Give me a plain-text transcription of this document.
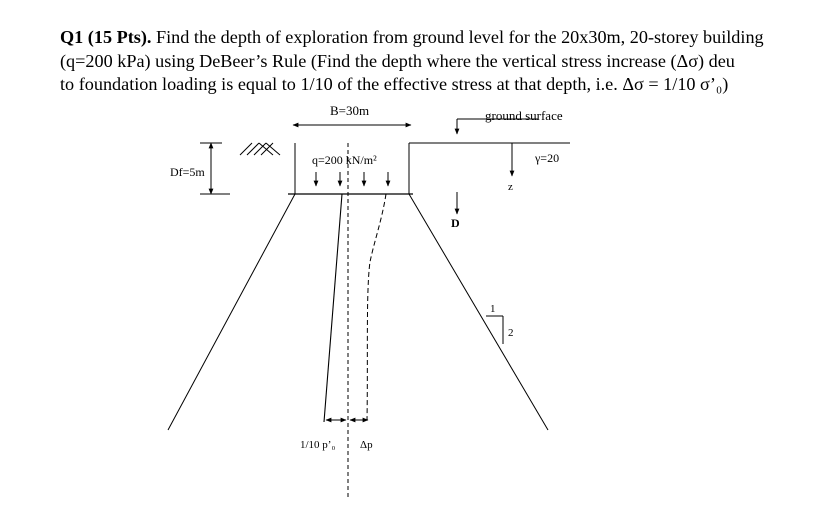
Q1 (15 Pts). Find the depth of exploration from ground level for the 20x30m, 20-storey building
(q=200 kPa) using DeBeer’s Rule (Find the depth where the vertical stress increase (Δσ) deu
to foundation loading is equal to 1/10 of the effective stress at that depth, i.e. Δσ = 1/10 σ’₀)
B=30m	ground surface
Df=5m
q=200 kN/m²	γ=20
z
D
1
2
1/10 p’₀ Δp
